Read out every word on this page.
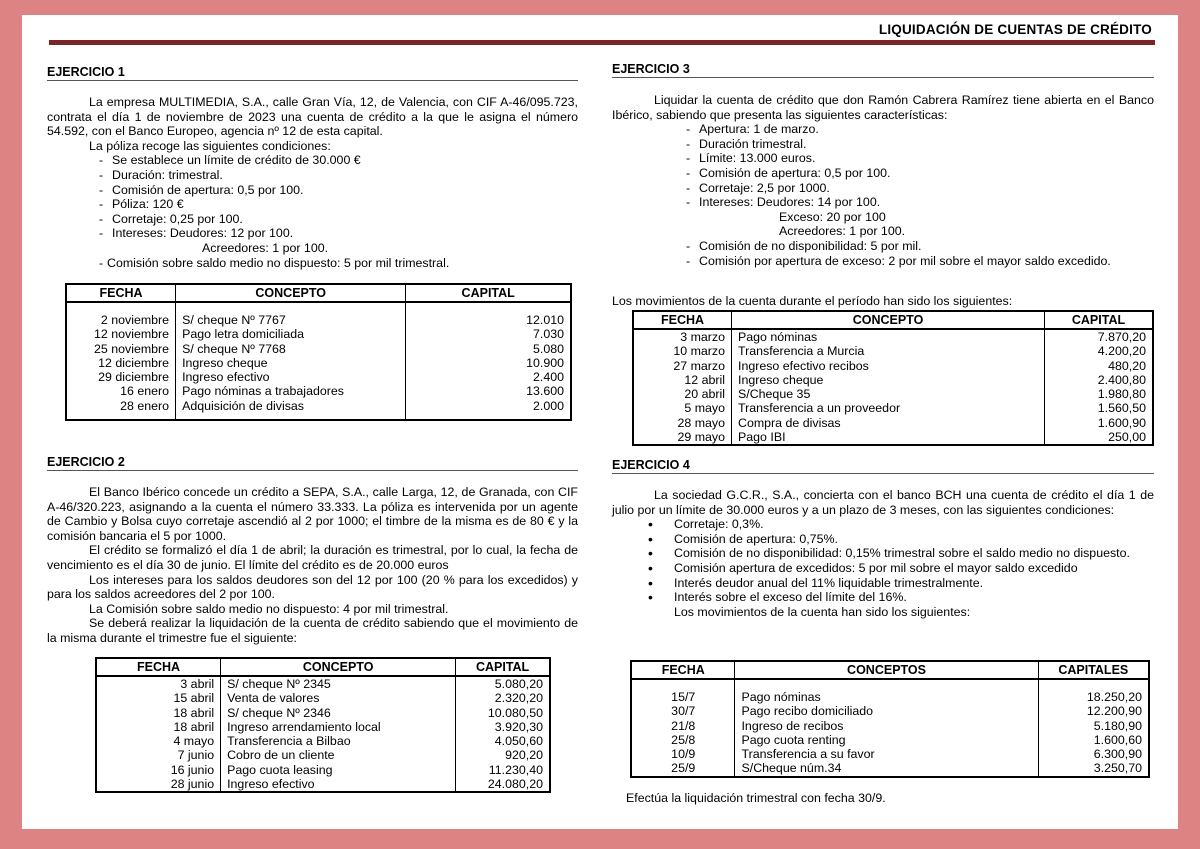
LIQUIDACIÓN DE CUENTAS DE CRÉDITO
EJERCICIO 1

La empresa MULTIMEDIA, S.A., calle Gran Vía, 12, de Valencia, con CIF A-46/095.723, contrata el día 1 de noviembre de 2023 una cuenta de crédito a la que le asigna el número 54.592, con el Banco Europeo, agencia nº 12 de esta capital.

La póliza recoge las siguientes condiciones:

- Se establece un límite de crédito de 30.000 €
- Duración: trimestral.
- Comisión de apertura: 0,5 por 100.
- Póliza: 120 €
- Corretaje: 0,25 por 100.
- Intereses: Deudores: 12 por 100.
Acreedores: 1 por 100.
- Comisión sobre saldo medio no dispuesto: 5 por mil trimestral.
FECHA	CONCEPTO	CAPITAL

2 noviembre	S/ cheque Nº 7767	12.010
12 noviembre	Pago letra domiciliada	7.030
25 noviembre	S/ cheque Nº 7768	5.080
12 diciembre	Ingreso cheque	10.900
29 diciembre	Ingreso efectivo	2.400
16 enero	Pago nóminas a trabajadores	13.600
28 enero	Adquisición de divisas	2.000

EJERCICIO 2

El Banco Ibérico concede un crédito a SEPA, S.A., calle Larga, 12, de Granada, con CIF A-46/320.223, asignando a la cuenta el número 33.333. La póliza es intervenida por un agente de Cambio y Bolsa cuyo corretaje ascendió al 2 por 1000; el timbre de la misma es de 80 € y la comisión bancaria el 5 por 1000.

El crédito se formalizó el día 1 de abril; la duración es trimestral, por lo cual, la fecha de vencimiento es el día 30 de junio. El límite del crédito es de 20.000 euros

Los intereses para los saldos deudores son del 12 por 100 (20 % para los excedidos) y para los saldos acreedores del 2 por 100.

La Comisión sobre saldo medio no dispuesto: 4 por mil trimestral.

Se deberá realizar la liquidación de la cuenta de crédito sabiendo que el movimiento de la misma durante el trimestre fue el siguiente:

FECHA	CONCEPTO	CAPITAL
3 abril	S/ cheque Nº 2345	5.080,20
15 abril	Venta de valores	2.320,20
18 abril	S/ cheque Nº 2346	10.080,50
18 abril	Ingreso arrendamiento local	3.920,30
4 mayo	Transferencia a Bilbao	4.050,60
7 junio	Cobro de un cliente	920,20
16 junio	Pago cuota leasing	11.230,40
28 junio	Ingreso efectivo	24.080,20
EJERCICIO 3

Liquidar la cuenta de crédito que don Ramón Cabrera Ramírez tiene abierta en el Banco Ibérico, sabiendo que presenta las siguientes características:

- Apertura: 1 de marzo.
- Duración trimestral.
- Límite: 13.000 euros.
- Comisión de apertura: 0,5 por 100.
- Corretaje: 2,5 por 1000.
- Intereses: Deudores: 14 por 100.
Exceso: 20 por 100
Acreedores: 1 por 100.
- Comisión de no disponibilidad: 5 por mil.
- Comisión por apertura de exceso: 2 por mil sobre el mayor saldo excedido.

Los movimientos de la cuenta durante el período han sido los siguientes:

FECHA	CONCEPTO	CAPITAL
3 marzo	Pago nóminas	7.870,20
10 marzo	Transferencia a Murcia	4.200,20
27 marzo	Ingreso efectivo recibos	480,20
12 abril	Ingreso cheque	2.400,80
20 abril	S/Cheque 35	1.980,80
5 mayo	Transferencia a un proveedor	1.560,50
28 mayo	Compra de divisas	1.600,90
29 mayo	Pago IBI	250,00
EJERCICIO 4

La sociedad G.C.R., S.A., concierta con el banco BCH una cuenta de crédito el día 1 de julio por un límite de 30.000 euros y a un plazo de 3 meses, con las siguientes condiciones:

• Corretaje: 0,3%.
• Comisión de apertura: 0,75%.
• Comisión de no disponibilidad: 0,15% trimestral sobre el saldo medio no dispuesto.
• Comisión apertura de excedidos: 5 por mil sobre el mayor saldo excedido
• Interés deudor anual del 11% liquidable trimestralmente.
• Interés sobre el exceso del límite del 16%.

Los movimientos de la cuenta han sido los siguientes:

FECHA	CONCEPTOS	CAPITALES

15/7	Pago nóminas	18.250,20
30/7	Pago recibo domiciliado	12.200,90
21/8	Ingreso de recibos	5.180,90
25/8	Pago cuota renting	1.600,60
10/9	Transferencia a su favor	6.300,90
25/9	S/Cheque núm.34	3.250,70
Efectúa la liquidación trimestral con fecha 30/9.
